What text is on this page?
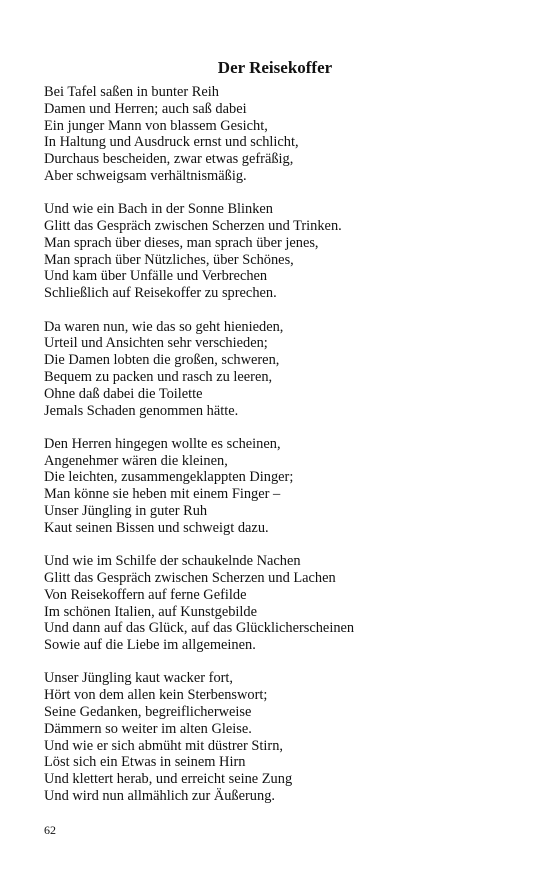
Der Reisekoffer
Bei Tafel saßen in bunter Reih
Damen und Herren; auch saß dabei
Ein junger Mann von blassem Gesicht,
In Haltung und Ausdruck ernst und schlicht,
Durchaus bescheiden, zwar etwas gefräßig,
Aber schweigsam verhältnismäßig.
Und wie ein Bach in der Sonne Blinken
Glitt das Gespräch zwischen Scherzen und Trinken.
Man sprach über dieses, man sprach über jenes,
Man sprach über Nützliches, über Schönes,
Und kam über Unfälle und Verbrechen
Schließlich auf Reisekoffer zu sprechen.
Da waren nun, wie das so geht hienieden,
Urteil und Ansichten sehr verschieden;
Die Damen lobten die großen, schweren,
Bequem zu packen und rasch zu leeren,
Ohne daß dabei die Toilette
Jemals Schaden genommen hätte.
Den Herren hingegen wollte es scheinen,
Angenehmer wären die kleinen,
Die leichten, zusammengeklappten Dinger;
Man könne sie heben mit einem Finger –
Unser Jüngling in guter Ruh
Kaut seinen Bissen und schweigt dazu.
Und wie im Schilfe der schaukelnde Nachen
Glitt das Gespräch zwischen Scherzen und Lachen
Von Reisekoffern auf ferne Gefilde
Im schönen Italien, auf Kunstgebilde
Und dann auf das Glück, auf das Glücklicherscheinen
Sowie auf die Liebe im allgemeinen.
Unser Jüngling kaut wacker fort,
Hört von dem allen kein Sterbenswort;
Seine Gedanken, begreiflicherweise
Dämmern so weiter im alten Gleise.
Und wie er sich abmüht mit düstrer Stirn,
Löst sich ein Etwas in seinem Hirn
Und klettert herab, und erreicht seine Zung
Und wird nun allmählich zur Äußerung.
62
